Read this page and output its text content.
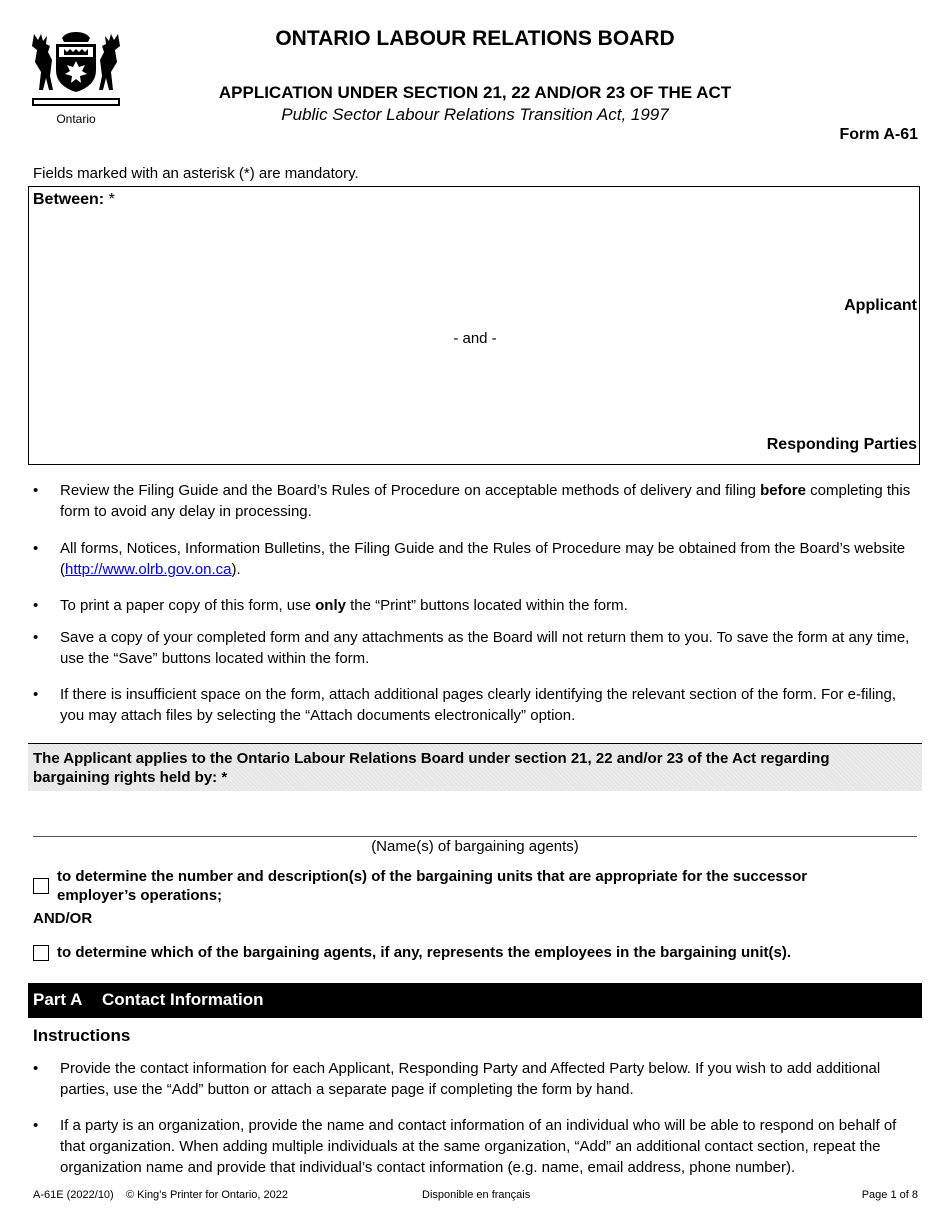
Ontario
ONTARIO LABOUR RELATIONS BOARD
APPLICATION UNDER SECTION 21, 22 AND/OR 23 OF THE ACT
Public Sector Labour Relations Transition Act, 1997
Form A-61
Fields marked with an asterisk (*) are mandatory.
Between: *
Applicant
- and -
Responding Parties
• Review the Filing Guide and the Board’s Rules of Procedure on acceptable methods of delivery and filing before completing this form to avoid any delay in processing.
• All forms, Notices, Information Bulletins, the Filing Guide and the Rules of Procedure may be obtained from the Board’s website (http://www.olrb.gov.on.ca).
• To print a paper copy of this form, use only the “Print” buttons located within the form.
• Save a copy of your completed form and any attachments as the Board will not return them to you. To save the form at any time, use the “Save” buttons located within the form.
• If there is insufficient space on the form, attach additional pages clearly identifying the relevant section of the form. For e-filing, you may attach files by selecting the “Attach documents electronically” option.
The Applicant applies to the Ontario Labour Relations Board under section 21, 22 and/or 23 of the Act regarding bargaining rights held by: *
(Name(s) of bargaining agents)
to determine the number and description(s) of the bargaining units that are appropriate for the successor employer’s operations;
AND/OR
to determine which of the bargaining agents, if any, represents the employees in the bargaining unit(s).
Part A Contact Information
Instructions
• Provide the contact information for each Applicant, Responding Party and Affected Party below. If you wish to add additional parties, use the “Add” button or attach a separate page if completing the form by hand.
• If a party is an organization, provide the name and contact information of an individual who will be able to respond on behalf of that organization. When adding multiple individuals at the same organization, “Add” an additional contact section, repeat the organization name and provide that individual’s contact information (e.g. name, email address, phone number).
A-61E (2022/10) © King’s Printer for Ontario, 2022	Disponible en français	Page 1 of 8
